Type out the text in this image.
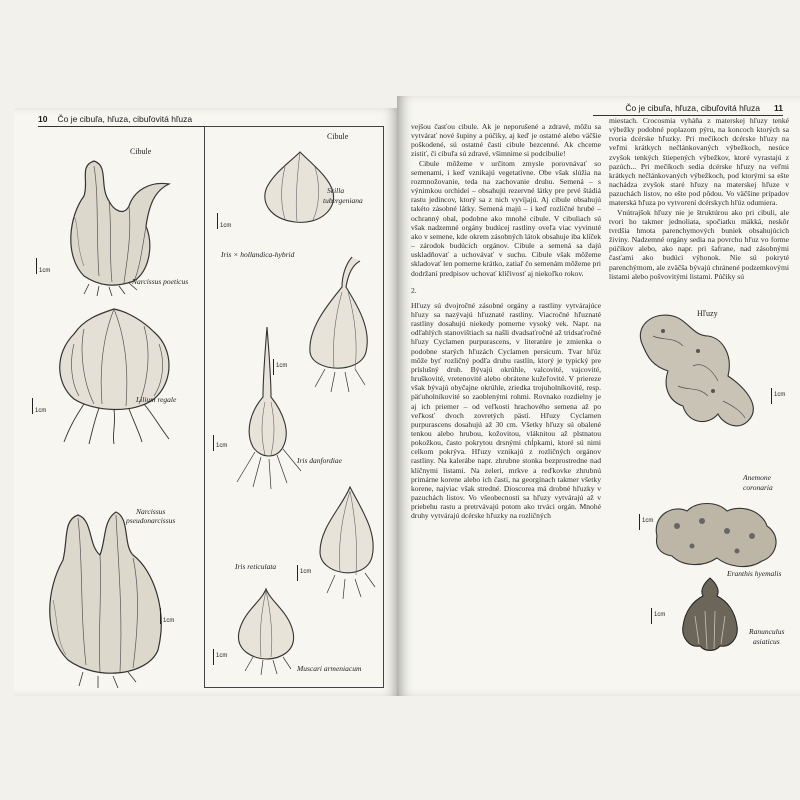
10 Čo je cibuľa, hľuza, cibuľovitá hľuza
Cibule
Narcissus poeticus
1cm
Lilium regale
1cm
Narcissus
pseudonarcissus
1cm
Cibule
Scilla
tubergeniana
1cm
Iris × hollandica-hybrid
1cm
Iris danfordiae
1cm
Iris reticulata
1cm
Muscari armeniacum
1cm
Čo je cibuľa, hľuza, cibuľovitá hľuza 11

vejšou časťou cibule. Ak je neporušené a zdravé, môžu sa vytvárať nové šupiny a púčiky, aj keď je ostatné alebo väčšie poškodené, sú ostatné časti cibule bezcenné. Ak chceme zistiť, či cibuľa sú zdravé, všimnime si podcibulie!

Cibule môžeme v určitom zmysle porovnávať so semenami, i keď vznikajú vegetatívne. Obe však slúžia na rozmnožovanie, teda na zachovanie druhu. Semená – s výnimkou orchideí – obsahujú rezervné látky pre prvé štádiá rastu jedincov, ktorý sa z nich vyvíjajú. Aj cibule obsahujú takéto zásobné látky. Semená majú – i keď rozličné hrubé – ochranný obal, podobne ako mnohé cibule. V cibuliach sú však nadzemné orgány budúcej rastliny oveľa viac vyvinuté ako v semene, kde okrem zásobných látok obsahuje iba klíček – zárodok budúcich orgánov. Cibule a semená sa dajú uskladňovať a uchovávať v suchu. Cibule však môžeme skladovať len pomerne krátko, zatiaľ čo semenám môžeme pri dodržaní predpisov uchovať klíčivosť aj niekoľko rokov.

2.

Hľuzy sú dvojročné zásobné orgány a rastliny vytvárajúce hľuzy sa nazývajú hľuznaté rastliny. Viacročné hľuznaté rastliny dosahujú niekedy pomerne vysoký vek. Napr. na odľahlých stanovištiach sa našli dvadsaťročné až tridsaťročné hľuzy Cyclamen purpurascens, v literatúre je zmienka o podobne starých hľuzách Cyclamen persicum. Tvar hľúz môže byť rozličný podľa druhu rastlín, ktorý je typický pre príslušný druh. Bývajú okrúhle, valcovité, vajcovité, hruškovité, vretenovité alebo obrátene kužeľovité. V priereze však bývajú obyčajne okrúhle, zriedka trojuholníkovité, resp. päťuholníkovité so zaoblenými rohmi. Rovnako rozdielny je aj ich priemer – od veľkosti hrachového semena až po veľkosť dvoch zovretých pästí. Hľuzy Cyclamen purpurascens dosahujú až 30 cm. Všetky hľuzy sú obalené tenkou alebo hrubou, kožovitou, vláknitou až plstnatou pokožkou, často pokrytou drsnými chĺpkami, ktoré sú nimi celkom pokrýva. Hľuzy vznikajú z rozličných orgánov rastliny. Na kalerábe napr. zhrubne stonka bezprostredne nad klíčnymi listami. Na zeleri, mrkve a reďkovke zhrubnú primárne korene alebo ich časti, na georgínach takmer všetky korene, najviac však stredné. Dioscorea má drobné hľuzky v pazuchách listov. Vo všeobecnosti sa hľuzy vytvárajú až v priebehu rastu a pretrvávajú potom ako trváci orgán. Mnohé druhy vytvárajú dcérske hľuzky na rozličných

miestach. Crocosmia vyháňa z materskej hľuzy tenké výbežky podobné poplazom pýru, na koncoch ktorých sa tvoria dcérske hľuzky. Pri mečíkoch dcérske hľuzy na veľmi krátkych nečlánkovaných výbežkoch, nesúce zvyšok tenkých štiepených výbežkov, ktoré vyrastajú z pazúch... Pri mečíkoch sedia dcérske hľuzy na veľmi krátkych nečlánkovaných výbežkoch, pod ktorými sa ešte nachádza zvyšok staré hľuzy na materskej hľuze v pazuchách listov, no ešte pod pôdou. Vo väčšine prípadov materská hľuza po vytvorení dcérskych hľúz odumiera.

Vnútrajšok hľuzy nie je štruktúrou ako pri cibuli, ale tvorí ho takmer jednoliata, spočiatku mäkká, neskôr tvrdšia hmota parenchymových buniek obsahujúcich živiny. Nadzemné orgány sedia na povrchu hľuz vo forme púčikov alebo, ako napr. pri šafrane, nad zásobnými časťami ako budúci výhonok. Nie sú pokryté parenchýmom, ale zväčša bývajú chránené podzemkovými listami alebo pošvovitými listami. Púčiky sú

Hľuzy
1cm
Anemone
coronaria
1cm
Eranthis hyemalis
1cm
Ranunculus
asiaticus
